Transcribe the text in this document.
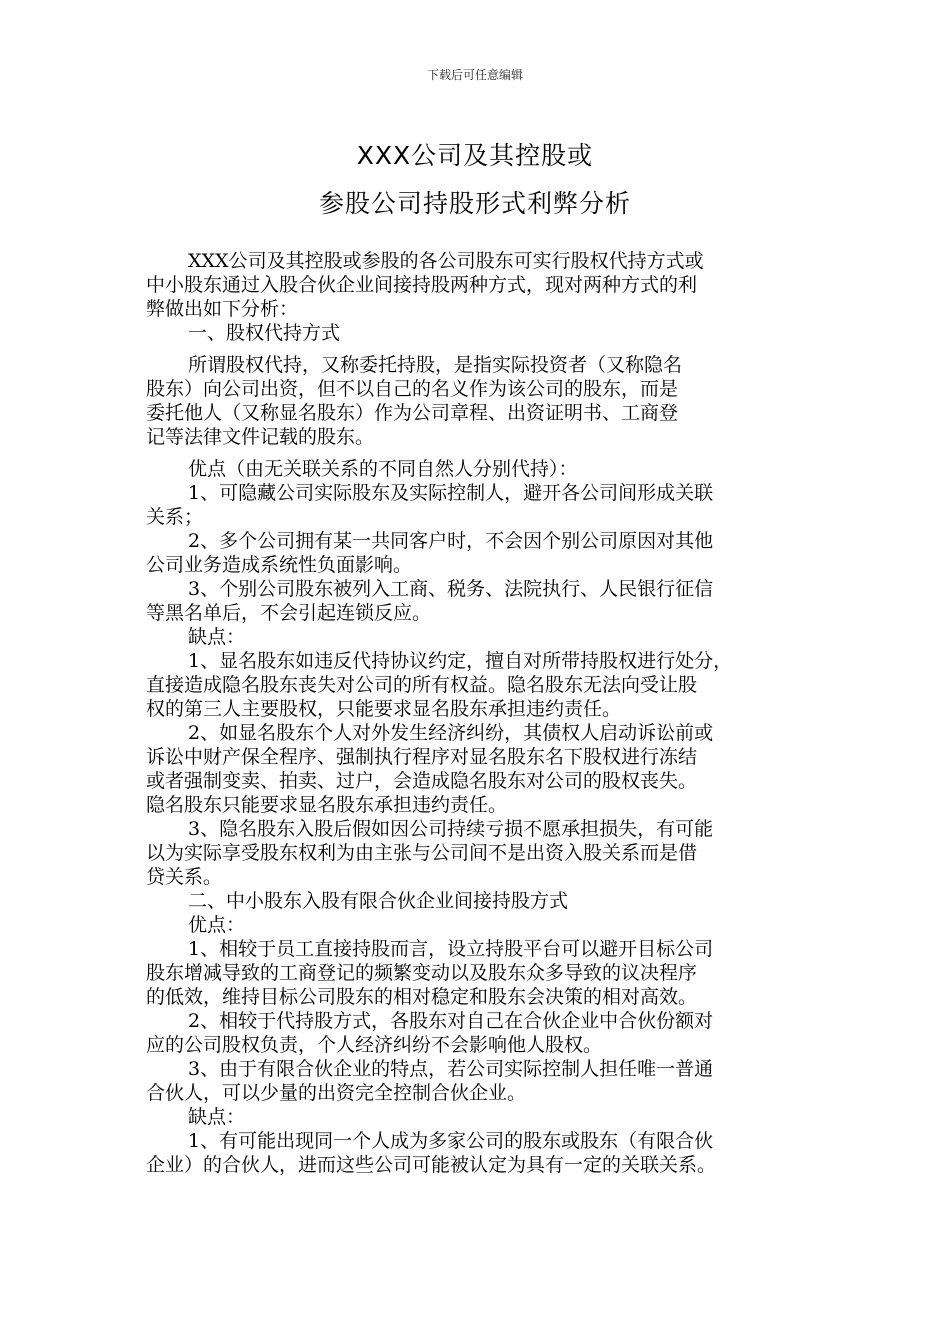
下载后可任意编辑
XXX公司及其控股或
参股公司持股形式利弊分析

XXX公司及其控股或参股的各公司股东可实行股权代持方式或

中小股东通过入股合伙企业间接持股两种方式，现对两种方式的利

弊做出如下分析：

一、股权代持方式

所谓股权代持，又称委托持股，是指实际投资者（又称隐名

股东）向公司出资，但不以自己的名义作为该公司的股东，而是

委托他人（又称显名股东）作为公司章程、出资证明书、工商登

记等法律文件记载的股东。

优点（由无关联关系的不同自然人分别代持）：

1、可隐藏公司实际股东及实际控制人，避开各公司间形成关联

关系；

2、多个公司拥有某一共同客户时，不会因个别公司原因对其他

公司业务造成系统性负面影响。

3、个别公司股东被列入工商、税务、法院执行、人民银行征信

等黑名单后，不会引起连锁反应。

缺点：

1、显名股东如违反代持协议约定，擅自对所带持股权进行处分，

直接造成隐名股东丧失对公司的所有权益。隐名股东无法向受让股

权的第三人主要股权，只能要求显名股东承担违约责任。

2、如显名股东个人对外发生经济纠纷，其债权人启动诉讼前或

诉讼中财产保全程序、强制执行程序对显名股东名下股权进行冻结

或者强制变卖、拍卖、过户，会造成隐名股东对公司的股权丧失。

隐名股东只能要求显名股东承担违约责任。

3、隐名股东入股后假如因公司持续亏损不愿承担损失，有可能

以为实际享受股东权利为由主张与公司间不是出资入股关系而是借

贷关系。

二、中小股东入股有限合伙企业间接持股方式

优点：

1、相较于员工直接持股而言，设立持股平台可以避开目标公司

股东增减导致的工商登记的频繁变动以及股东众多导致的议决程序

的低效，维持目标公司股东的相对稳定和股东会决策的相对高效。

2、相较于代持股方式，各股东对自己在合伙企业中合伙份额对

应的公司股权负责，个人经济纠纷不会影响他人股权。

3、由于有限合伙企业的特点，若公司实际控制人担任唯一普通

合伙人，可以少量的出资完全控制合伙企业。

缺点：

1、有可能出现同一个人成为多家公司的股东或股东（有限合伙

企业）的合伙人，进而这些公司可能被认定为具有一定的关联关系。
